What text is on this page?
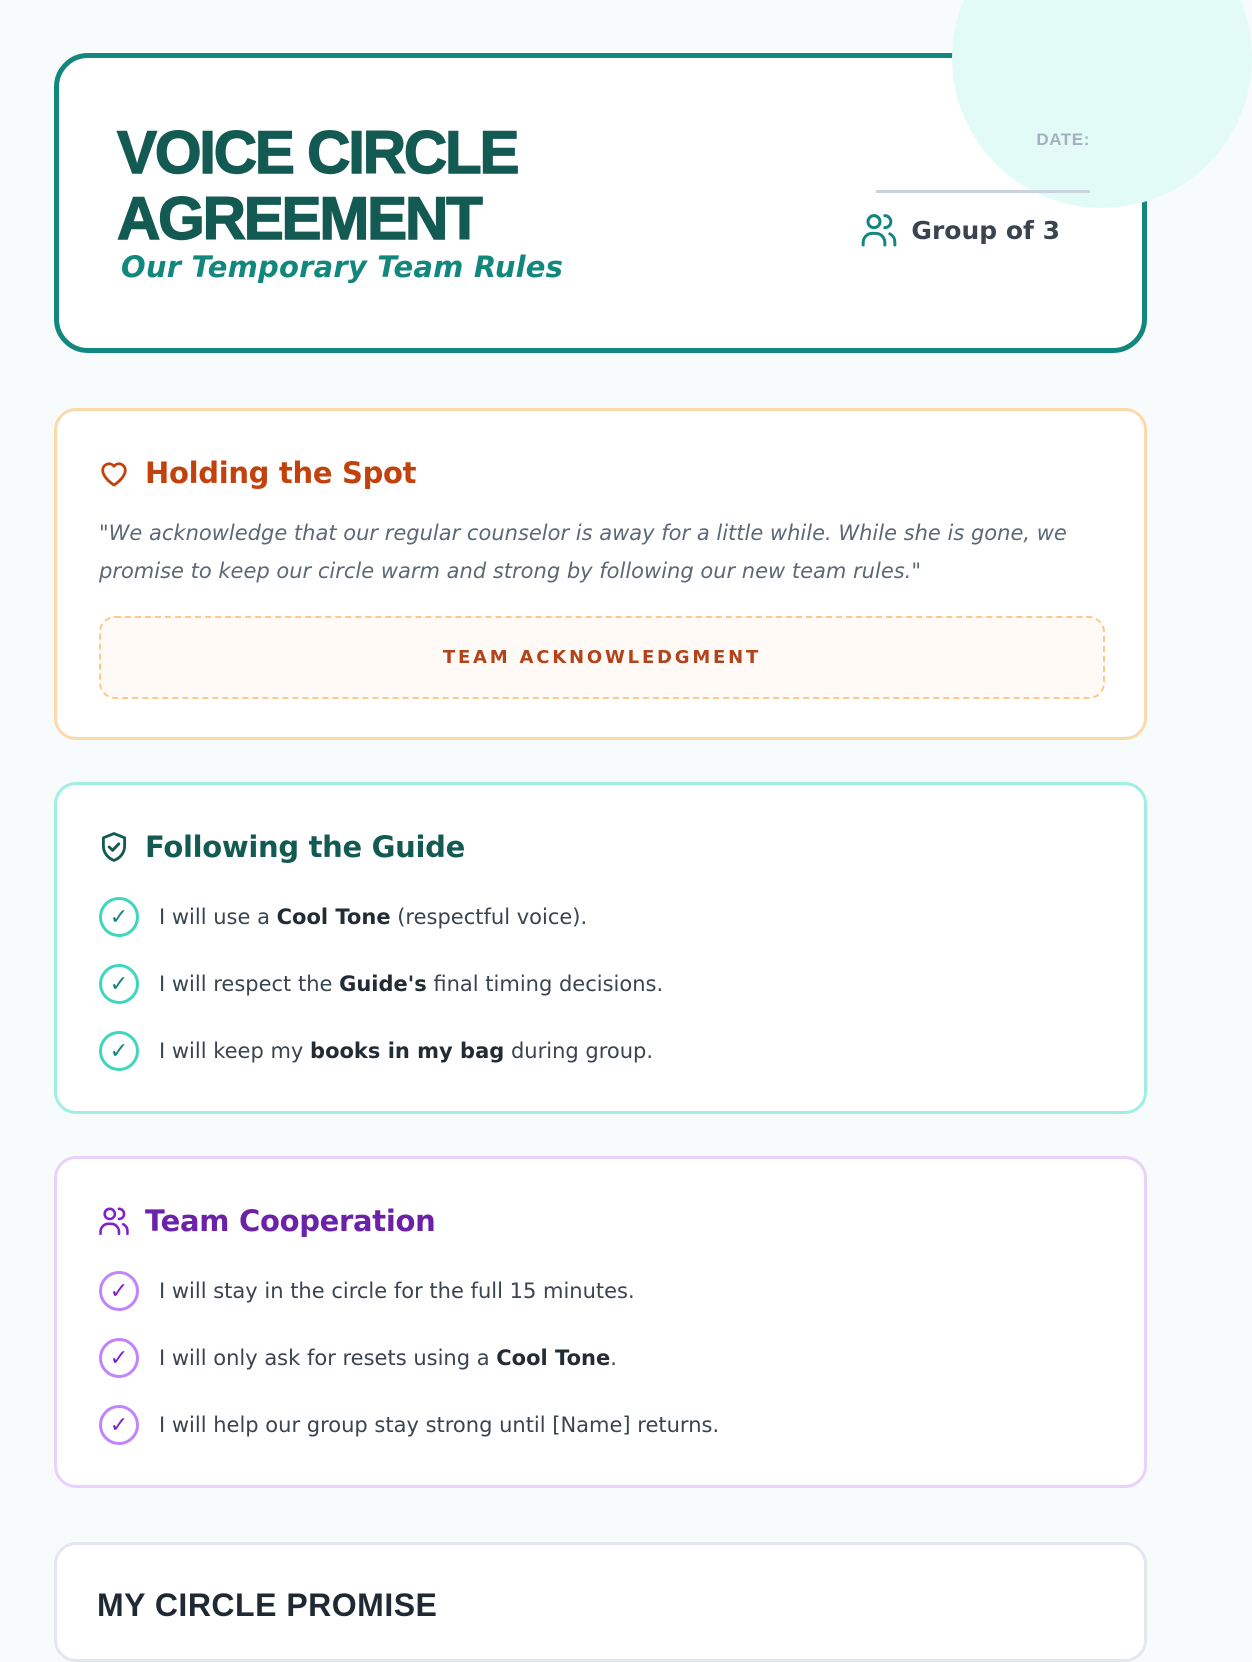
VOICE CIRCLE
AGREEMENT
Our Temporary Team Rules
DATE:
Group of 3
Holding the Spot
"We acknowledge that our regular counselor is away for a little while. While she is gone, we promise to keep our circle warm and strong by following our new team rules."
TEAM ACKNOWLEDGMENT
Following the Guide
✓	I will use a Cool Tone (respectful voice).
✓	I will respect the Guide's final timing decisions.
✓	I will keep my books in my bag during group.
Team Cooperation
✓	I will stay in the circle for the full 15 minutes.
✓	I will only ask for resets using a Cool Tone.
✓	I will help our group stay strong until [Name] returns.
MY CIRCLE PROMISE
